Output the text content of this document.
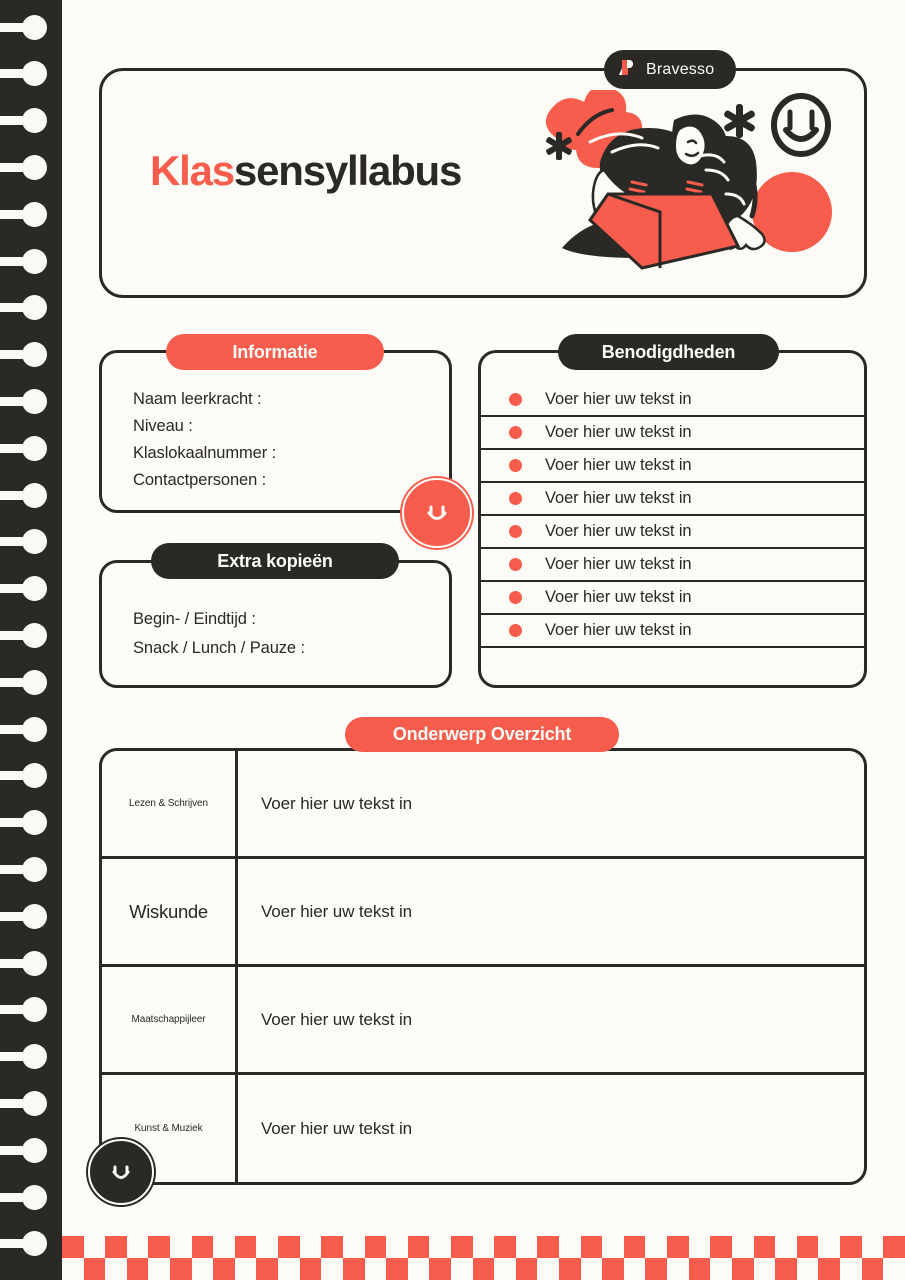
Klassensyllabus
Bravesso
Informatie
Naam leerkracht :
Niveau :
Klaslokaalnummer :
Contactpersonen :
Extra kopieën
Begin- / Eindtijd :
Snack / Lunch / Pauze :
Benodigdheden
Voer hier uw tekst in
Voer hier uw tekst in
Voer hier uw tekst in
Voer hier uw tekst in
Voer hier uw tekst in
Voer hier uw tekst in
Voer hier uw tekst in
Voer hier uw tekst in
Onderwerp Overzicht
Lezen & Schrijven	Voer hier uw tekst in
Wiskunde	Voer hier uw tekst in
Maatschappijleer	Voer hier uw tekst in
Kunst & Muziek	Voer hier uw tekst in
